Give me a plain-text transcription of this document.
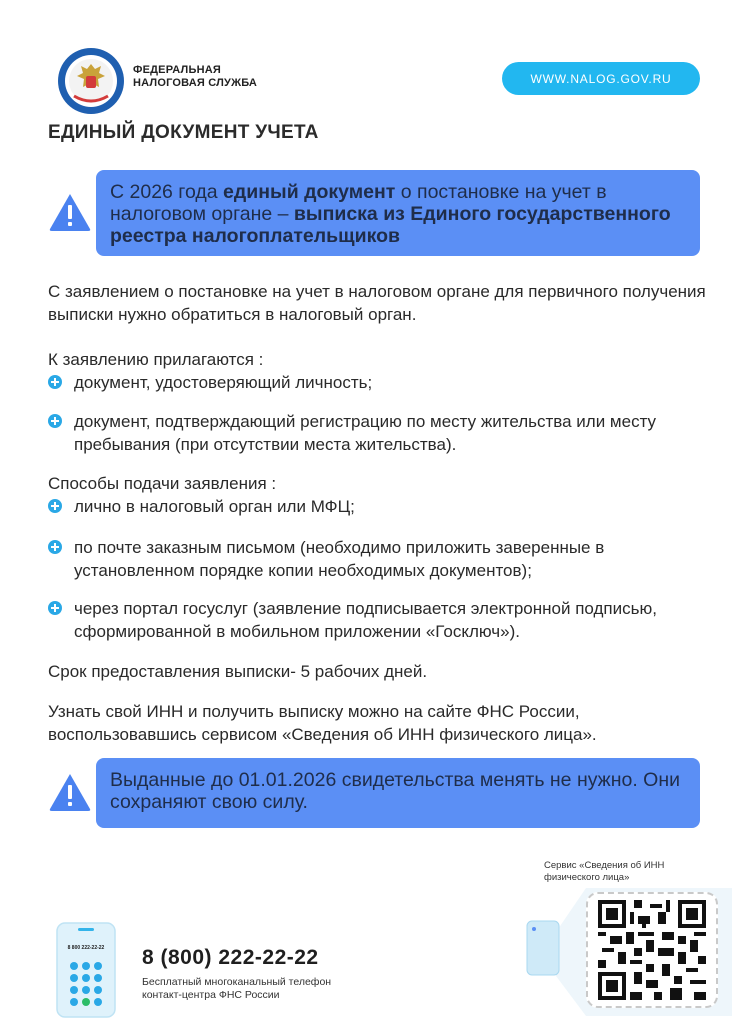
ФЕДЕРАЛЬНАЯ
НАЛОГОВАЯ СЛУЖБА	WWW.NALOG.GOV.RU
ЕДИНЫЙ ДОКУМЕНТ УЧЕТА
С 2026 года единый документ о постановке на учет в налоговом органе – выписка из Единого государственного реестра налогоплательщиков
С заявлением о постановке на учет в налоговом органе для первичного получения выписки нужно обратиться в налоговый орган.
К заявлению прилагаются :
документ, удостоверяющий личность;
документ, подтверждающий регистрацию по месту жительства или месту пребывания (при отсутствии места жительства).
Способы подачи заявления :
лично в налоговый орган или МФЦ;
по почте заказным письмом (необходимо приложить заверенные в установленном порядке копии необходимых документов);
через портал госуслуг (заявление подписывается электронной подписью, сформированной в мобильном приложении «Госключ»).
Срок предоставления выписки- 5 рабочих дней.
Узнать свой ИНН и получить выписку можно на сайте ФНС России, воспользовавшись сервисом «Сведения об ИНН физического лица».
Выданные до 01.01.2026 свидетельства менять не нужно. Они сохраняют свою силу.
8 800 222-22-22 8 (800) 222-22-22
Бесплатный многоканальный телефон
контакт-центра ФНС России
Сервис «Сведения об ИНН
физического лица»
